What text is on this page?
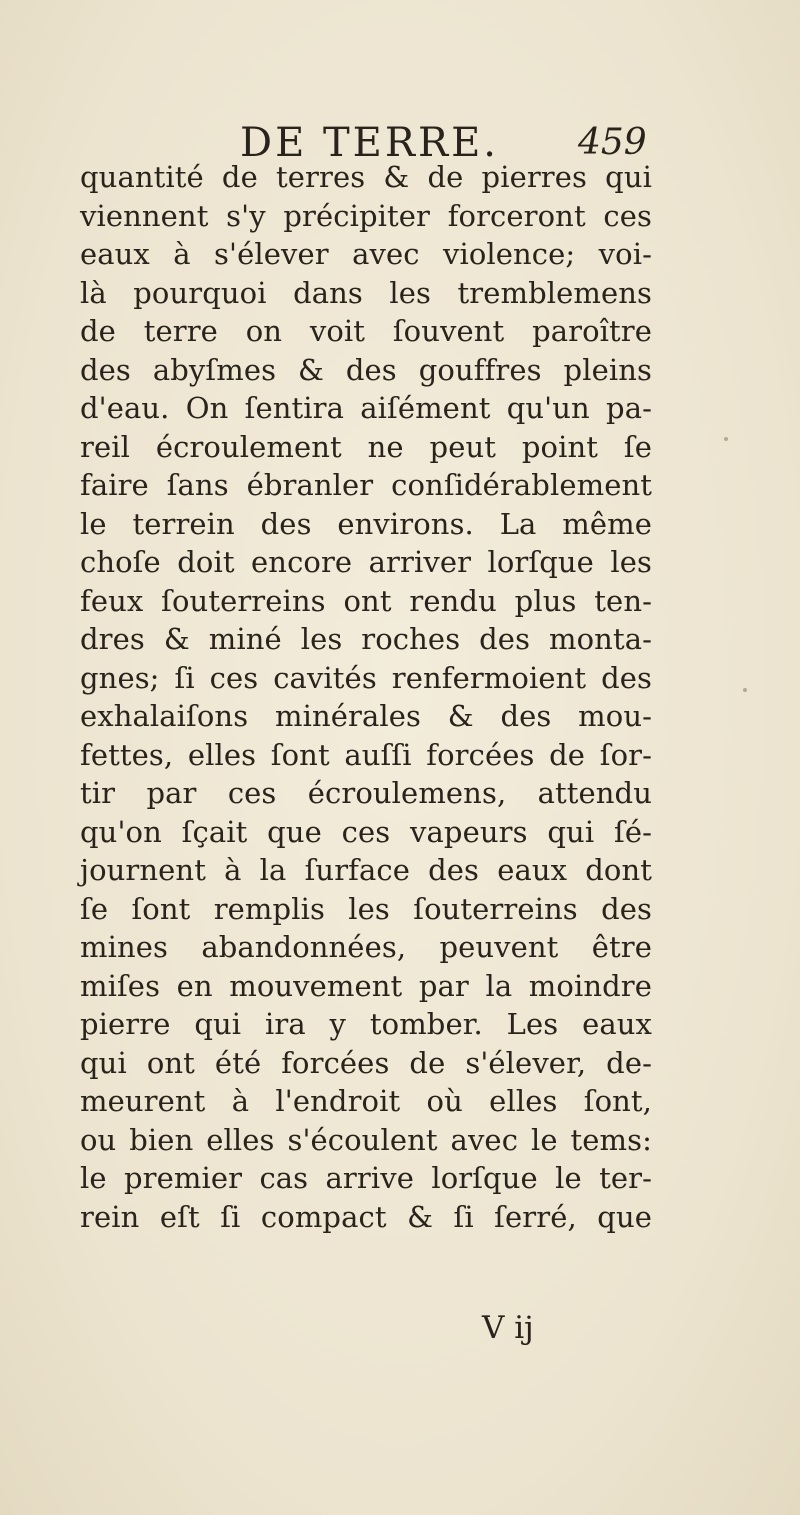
DE TERRE. 459
quantité de terres & de pierres qui
viennent s'y précipiter forceront ces
eaux à s'élever avec violence; voi-
là pourquoi dans les tremblemens
de terre on voit ſouvent paroître
des abyſmes & des gouffres pleins
d'eau. On ſentira aiſément qu'un pa-
reil écroulement ne peut point ſe
faire ſans ébranler conſidérablement
le terrein des environs. La même
choſe doit encore arriver lorſque les
feux ſouterreins ont rendu plus ten-
dres & miné les roches des monta-
gnes; ſi ces cavités renfermoient des
exhalaiſons minérales & des mou-
fettes, elles ſont auſſi forcées de ſor-
tir par ces écroulemens, attendu
qu'on ſçait que ces vapeurs qui ſé-
journent à la ſurface des eaux dont
ſe ſont remplis les ſouterreins des
mines abandonnées, peuvent être
miſes en mouvement par la moindre
pierre qui ira y tomber. Les eaux
qui ont été forcées de s'élever, de-
meurent à l'endroit où elles ſont,
ou bien elles s'écoulent avec le tems:
le premier cas arrive lorſque le ter-
rein eſt ſi compact & ſi ſerré, que
V ij
